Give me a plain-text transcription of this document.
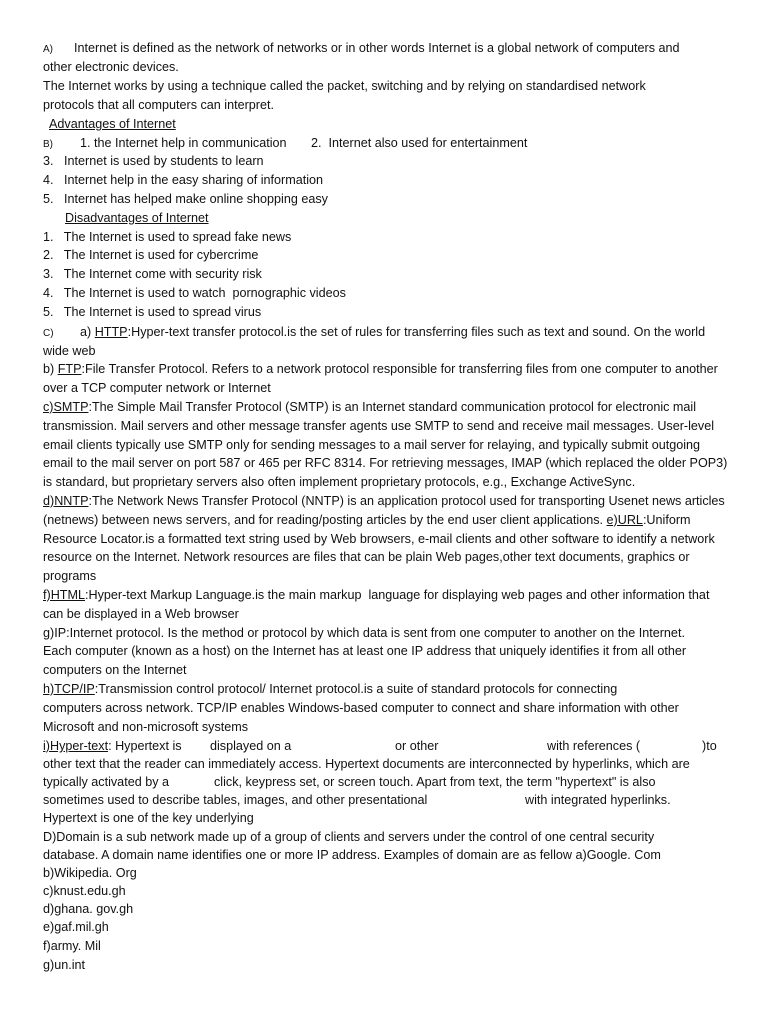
A) Internet is defined as the network of networks or in other words Internet is a global network of computers and
other electronic devices.
The Internet works by using a technique called the packet, switching and by relying on standardised network
protocols that all computers can interpret.
Advantages of Internet
B) 1. the Internet help in communication 2.  Internet also used for entertainment
3.   Internet is used by students to learn
4.   Internet help in the easy sharing of information
5.   Internet has helped make online shopping easy
Disadvantages of Internet
1.   The Internet is used to spread fake news
2.   The Internet is used for cybercrime
3.   The Internet come with security risk
4.   The Internet is used to watch  pornographic videos
5.   The Internet is used to spread virus
C) a) HTTP:Hyper-text transfer protocol.is the set of rules for transferring files such as text and sound. On the world
wide web
b) FTP:File Transfer Protocol. Refers to a network protocol responsible for transferring files from one computer to another
over a TCP computer network or Internet
c)SMTP:The Simple Mail Transfer Protocol (SMTP) is an Internet standard communication protocol for electronic mail
transmission. Mail servers and other message transfer agents use SMTP to send and receive mail messages. User-level
email clients typically use SMTP only for sending messages to a mail server for relaying, and typically submit outgoing
email to the mail server on port 587 or 465 per RFC 8314. For retrieving messages, IMAP (which replaced the older POP3)
is standard, but proprietary servers also often implement proprietary protocols, e.g., Exchange ActiveSync.
d)NNTP:The Network News Transfer Protocol (NNTP) is an application protocol used for transporting Usenet news articles
(netnews) between news servers, and for reading/posting articles by the end user client applications. e)URL:Uniform
Resource Locator.is a formatted text string used by Web browsers, e-mail clients and other software to identify a network
resource on the Internet. Network resources are files that can be plain Web pages,other text documents, graphics or
programs
f)HTML:Hyper-text Markup Language.is the main markup  language for displaying web pages and other information that
can be displayed in a Web browser
g)IP:Internet protocol. Is the method or protocol by which data is sent from one computer to another on the Internet.
Each computer (known as a host) on the Internet has at least one IP address that uniquely identifies it from all other
computers on the Internet
h)TCP/IP:Transmission control protocol/ Internet protocol.is a suite of standard protocols for connecting
computers across network. TCP/IP enables Windows-based computer to connect and share information with other
Microsoft and non-microsoft systems
i)Hyper-text: Hypertext is displayed on a	or other	with references (	)to
other text that the reader can immediately access. Hypertext documents are interconnected by hyperlinks, which are
typically activated by a	click, keypress set, or screen touch. Apart from text, the term "hypertext" is also
sometimes used to describe tables, images, and other presentational	with integrated hyperlinks.
Hypertext is one of the key underlying
D)Domain is a sub network made up of a group of clients and servers under the control of one central security
database. A domain name identifies one or more IP address. Examples of domain are as fellow a)Google. Com
b)Wikipedia. Org
c)knust.edu.gh
d)ghana. gov.gh
e)gaf.mil.gh
f)army. Mil
g)un.int
